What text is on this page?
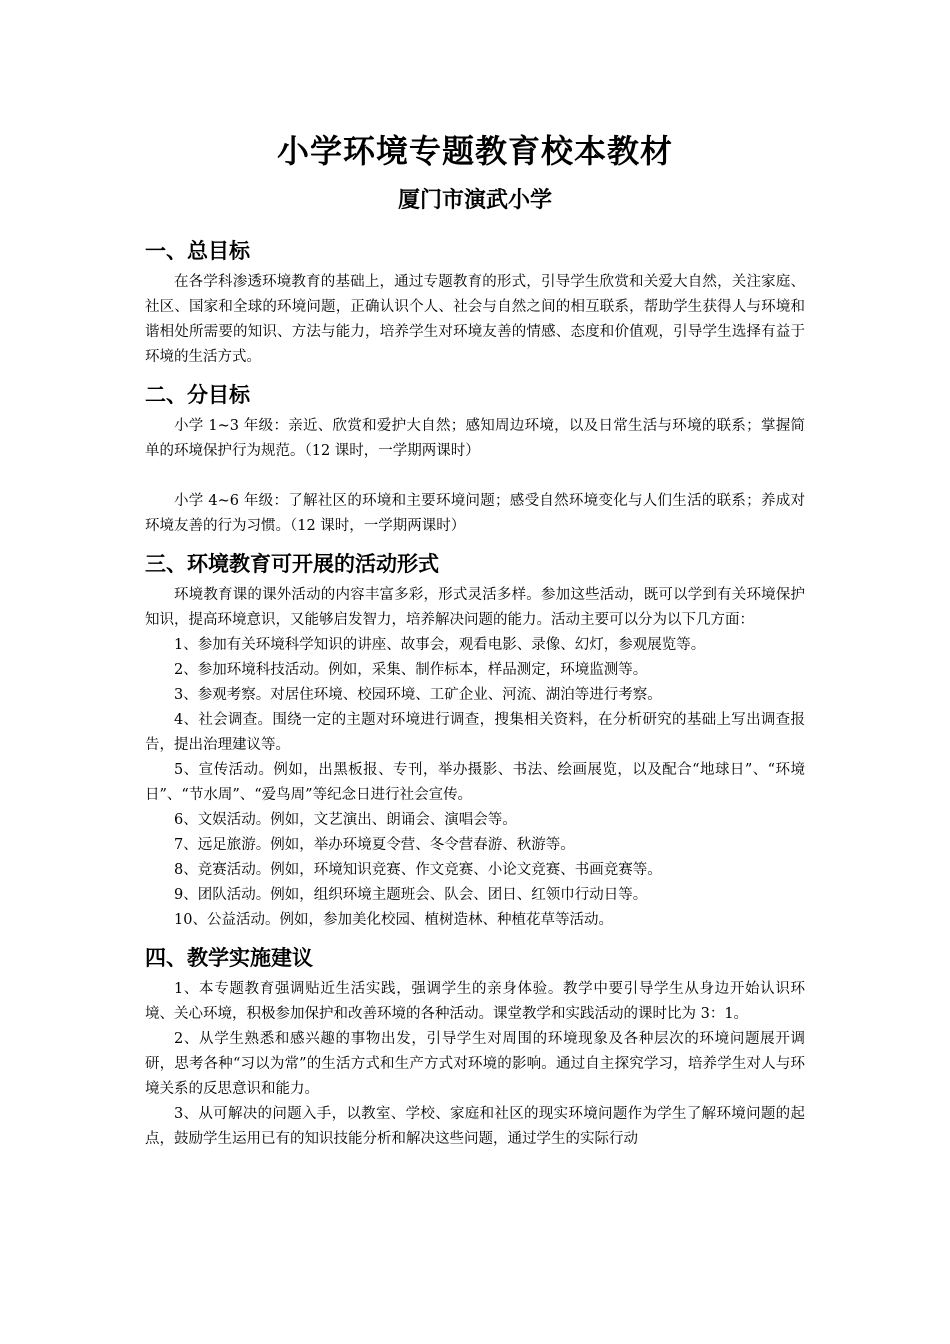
小学环境专题教育校本教材
厦门市演武小学
一、总目标

在各学科渗透环境教育的基础上，通过专题教育的形式，引导学生欣赏和关爱大自然，关注家庭、社区、国家和全球的环境问题，正确认识个人、社会与自然之间的相互联系，帮助学生获得人与环境和谐相处所需要的知识、方法与能力，培养学生对环境友善的情感、态度和价值观，引导学生选择有益于环境的生活方式。

二、分目标

小学 1~3 年级：亲近、欣赏和爱护大自然；感知周边环境，以及日常生活与环境的联系；掌握简单的环境保护行为规范。（12 课时，一学期两课时）

小学 4~6 年级：了解社区的环境和主要环境问题；感受自然环境变化与人们生活的联系；养成对环境友善的行为习惯。（12 课时，一学期两课时）

三、环境教育可开展的活动形式

环境教育课的课外活动的内容丰富多彩，形式灵活多样。参加这些活动，既可以学到有关环境保护知识，提高环境意识，又能够启发智力，培养解决问题的能力。活动主要可以分为以下几方面：

1、参加有关环境科学知识的讲座、故事会，观看电影、录像、幻灯，参观展览等。

2、参加环境科技活动。例如，采集、制作标本，样品测定，环境监测等。

3、参观考察。对居住环境、校园环境、工矿企业、河流、湖泊等进行考察。

4、社会调查。围绕一定的主题对环境进行调查，搜集相关资料，在分析研究的基础上写出调查报告，提出治理建议等。

5、宣传活动。例如，出黑板报、专刊，举办摄影、书法、绘画展览，以及配合“地球日”、“环境日”、“节水周”、“爱鸟周”等纪念日进行社会宣传。

6、文娱活动。例如，文艺演出、朗诵会、演唱会等。

7、远足旅游。例如，举办环境夏令营、冬令营春游、秋游等。

8、竞赛活动。例如，环境知识竞赛、作文竞赛、小论文竞赛、书画竞赛等。

9、团队活动。例如，组织环境主题班会、队会、团日、红领巾行动日等。

10、公益活动。例如，参加美化校园、植树造林、种植花草等活动。

四、教学实施建议

1、本专题教育强调贴近生活实践，强调学生的亲身体验。教学中要引导学生从身边开始认识环境、关心环境，积极参加保护和改善环境的各种活动。课堂教学和实践活动的课时比为 3：1。

2、从学生熟悉和感兴趣的事物出发，引导学生对周围的环境现象及各种层次的环境问题展开调研，思考各种“习以为常”的生活方式和生产方式对环境的影响。通过自主探究学习，培养学生对人与环境关系的反思意识和能力。

3、从可解决的问题入手，以教室、学校、家庭和社区的现实环境问题作为学生了解环境问题的起点，鼓励学生运用已有的知识技能分析和解决这些问题，通过学生的实际行动
